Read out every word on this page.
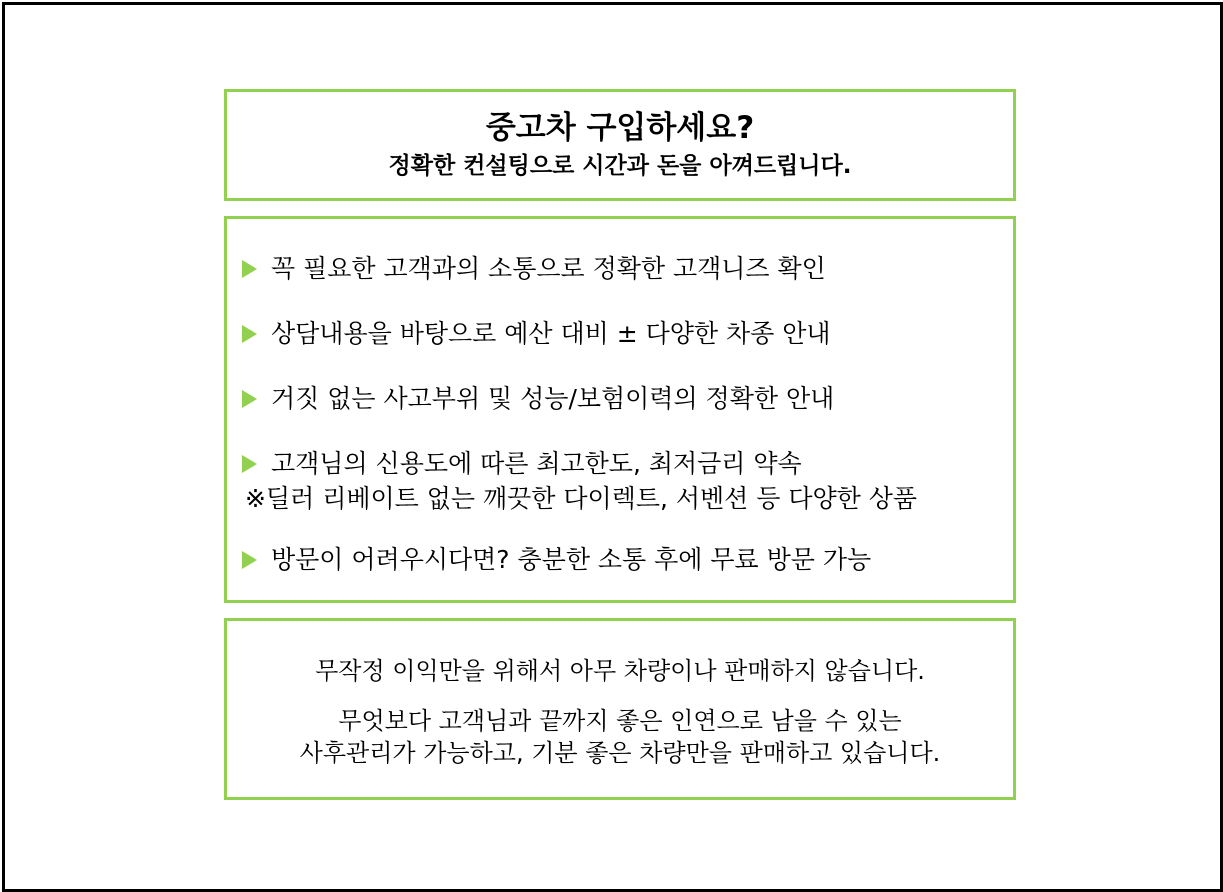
중고차 구입하세요?
정확한 컨설팅으로 시간과 돈을 아껴드립니다.
꼭 필요한 고객과의 소통으로 정확한 고객니즈 확인
상담내용을 바탕으로 예산 대비 ± 다양한 차종 안내
거짓 없는 사고부위 및 성능/보험이력의 정확한 안내
고객님의 신용도에 따른 최고한도, 최저금리 약속
※딜러 리베이트 없는 깨끗한 다이렉트, 서벤션 등 다양한 상품
방문이 어려우시다면? 충분한 소통 후에 무료 방문 가능
무작정 이익만을 위해서 아무 차량이나 판매하지 않습니다.
무엇보다 고객님과 끝까지 좋은 인연으로 남을 수 있는
사후관리가 가능하고, 기분 좋은 차량만을 판매하고 있습니다.
